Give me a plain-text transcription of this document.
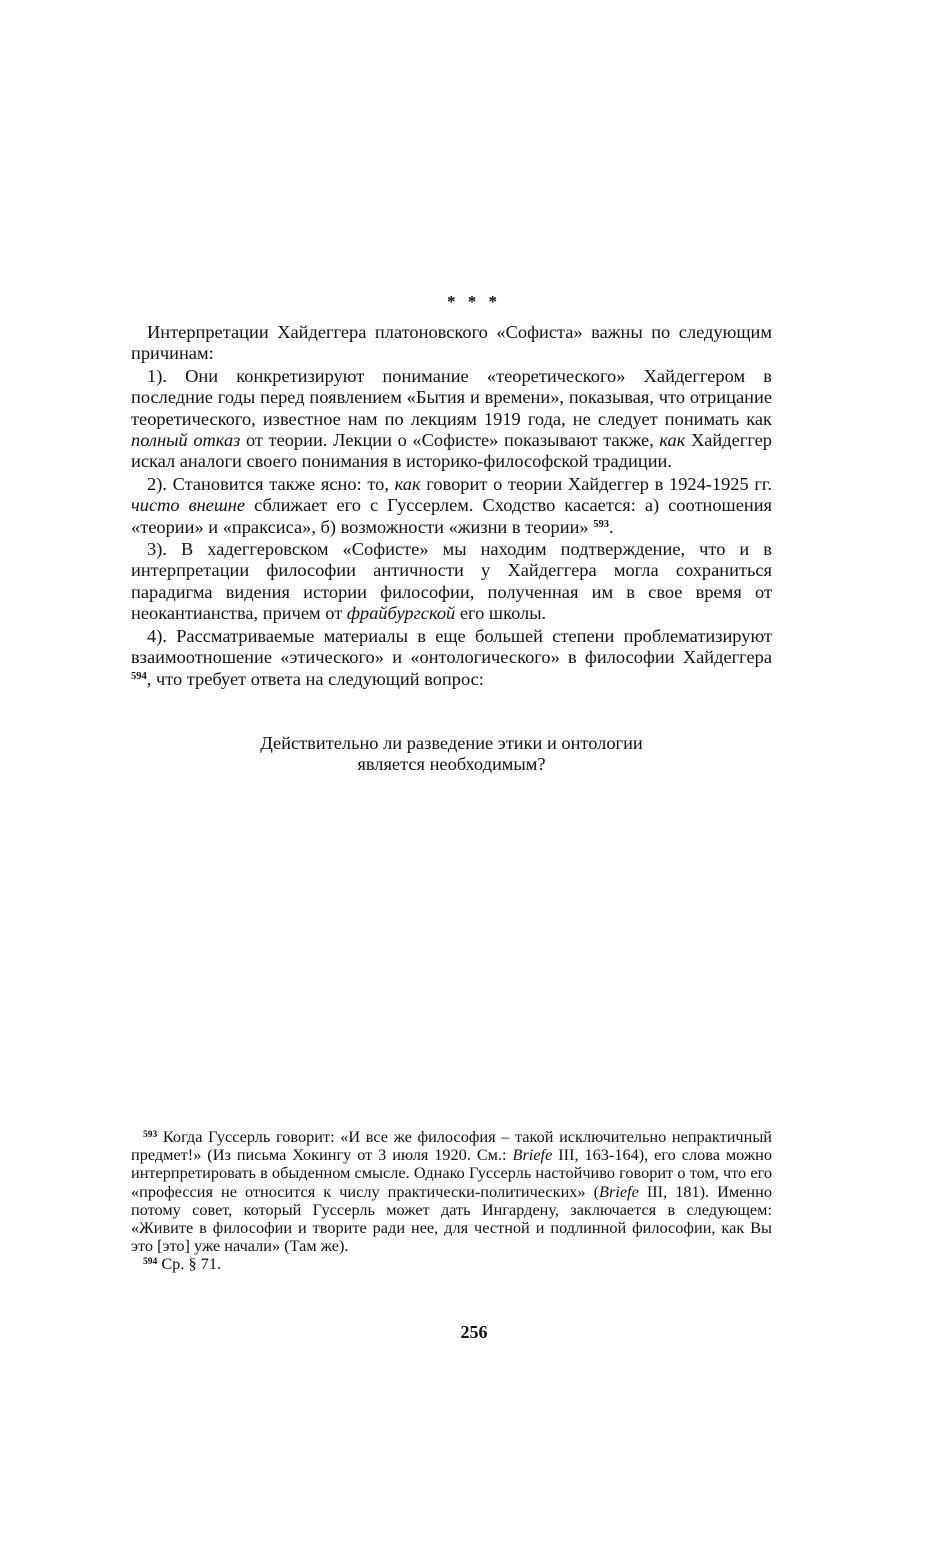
* * *

Интерпретации Хайдеггера платоновского «Софиста» важны по следующим причинам:

1). Они конкретизируют понимание «теоретического» Хайдеггером в последние годы перед появлением «Бытия и времени», показывая, что отрицание теоретического, известное нам по лекциям 1919 года, не следует понимать как полный отказ от теории. Лекции о «Софисте» показывают также, как Хайдеггер искал аналоги своего понимания в историко-философской традиции.

2). Становится также ясно: то, как говорит о теории Хайдеггер в 1924-1925 гг. чисто внешне сближает его с Гуссерлем. Сходство касается: а) соотношения «теории» и «праксиса», б) возможности «жизни в теории» $^{593}$.

3). В хадеггеровском «Софисте» мы находим подтверждение, что и в интерпретации философии античности у Хайдеггера могла сохраниться парадигма видения истории философии, полученная им в свое время от неокантианства, причем от фрайбургской его школы.

4). Рассматриваемые материалы в еще большей степени проблематизируют взаимоотношение «этического» и «онтологического» в философии Хайдеггера $^{594}$, что требует ответа на следующий вопрос:

Действительно ли разведение этики и онтологии
является необходимым?

$^{593}$ Когда Гуссерль говорит: «И все же философия – такой исключительно непрактичный предмет!» (Из письма Хокингу от 3 июля 1920. См.: Briefe III, 163-164), его слова можно интерпретировать в обыденном смысле. Однако Гуссерль настойчиво говорит о том, что его «профессия не относится к числу практически-политических» (Briefe III, 181). Именно потому совет, который Гуссерль может дать Ингардену, заключается в следующем: «Живите в философии и творите ради нее, для честной и подлинной философии, как Вы это [это] уже начали» (Там же).

$^{594}$ Ср. § 71.

256
